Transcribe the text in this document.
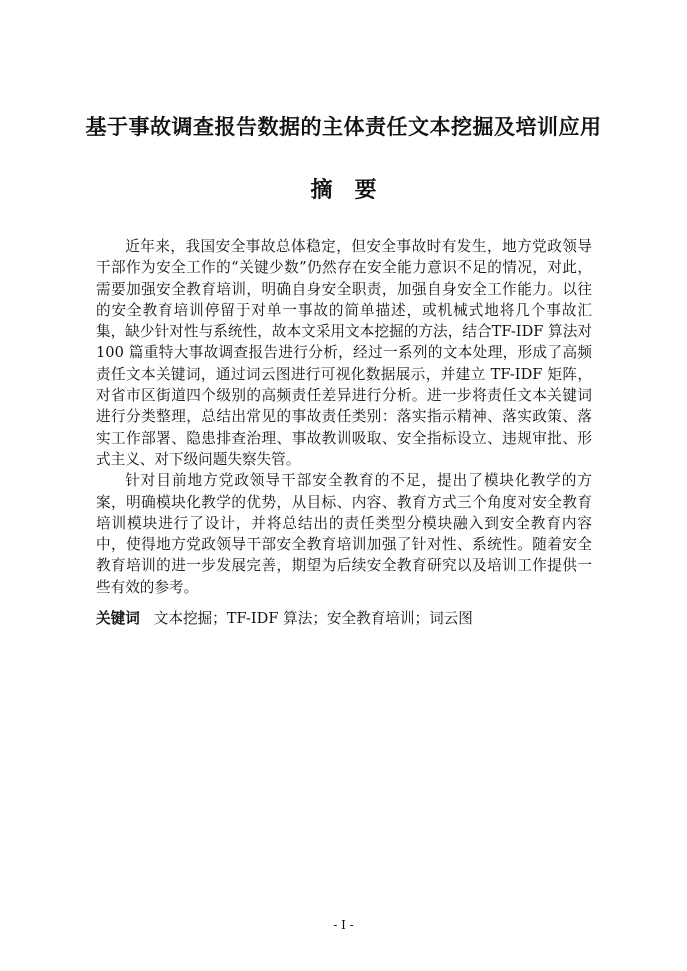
基于事故调查报告数据的主体责任文本挖掘及培训应用
摘要

近年来，我国安全事故总体稳定，但安全事故时有发生，地方党政领导干部作为安全工作的“关键少数”仍然存在安全能力意识不足的情况，对此，需要加强安全教育培训，明确自身安全职责，加强自身安全工作能力。以往的安全教育培训停留于对单一事故的简单描述，或机械式地将几个事故汇集，缺少针对性与系统性，故本文采用文本挖掘的方法，结合TF-IDF 算法对 100 篇重特大事故调查报告进行分析，经过一系列的文本处理，形成了高频责任文本关键词，通过词云图进行可视化数据展示，并建立 TF-IDF 矩阵，对省市区街道四个级别的高频责任差异进行分析。进一步将责任文本关键词进行分类整理，总结出常见的事故责任类别：落实指示精神、落实政策、落实工作部署、隐患排查治理、事故教训吸取、安全指标设立、违规审批、形式主义、对下级问题失察失管。

针对目前地方党政领导干部安全教育的不足，提出了模块化教学的方案，明确模块化教学的优势，从目标、内容、教育方式三个角度对安全教育培训模块进行了设计，并将总结出的责任类型分模块融入到安全教育内容中，使得地方党政领导干部安全教育培训加强了针对性、系统性。随着安全教育培训的进一步发展完善，期望为后续安全教育研究以及培训工作提供一些有效的参考。

关键词 文本挖掘；TF-IDF 算法；安全教育培训；词云图
- I -
